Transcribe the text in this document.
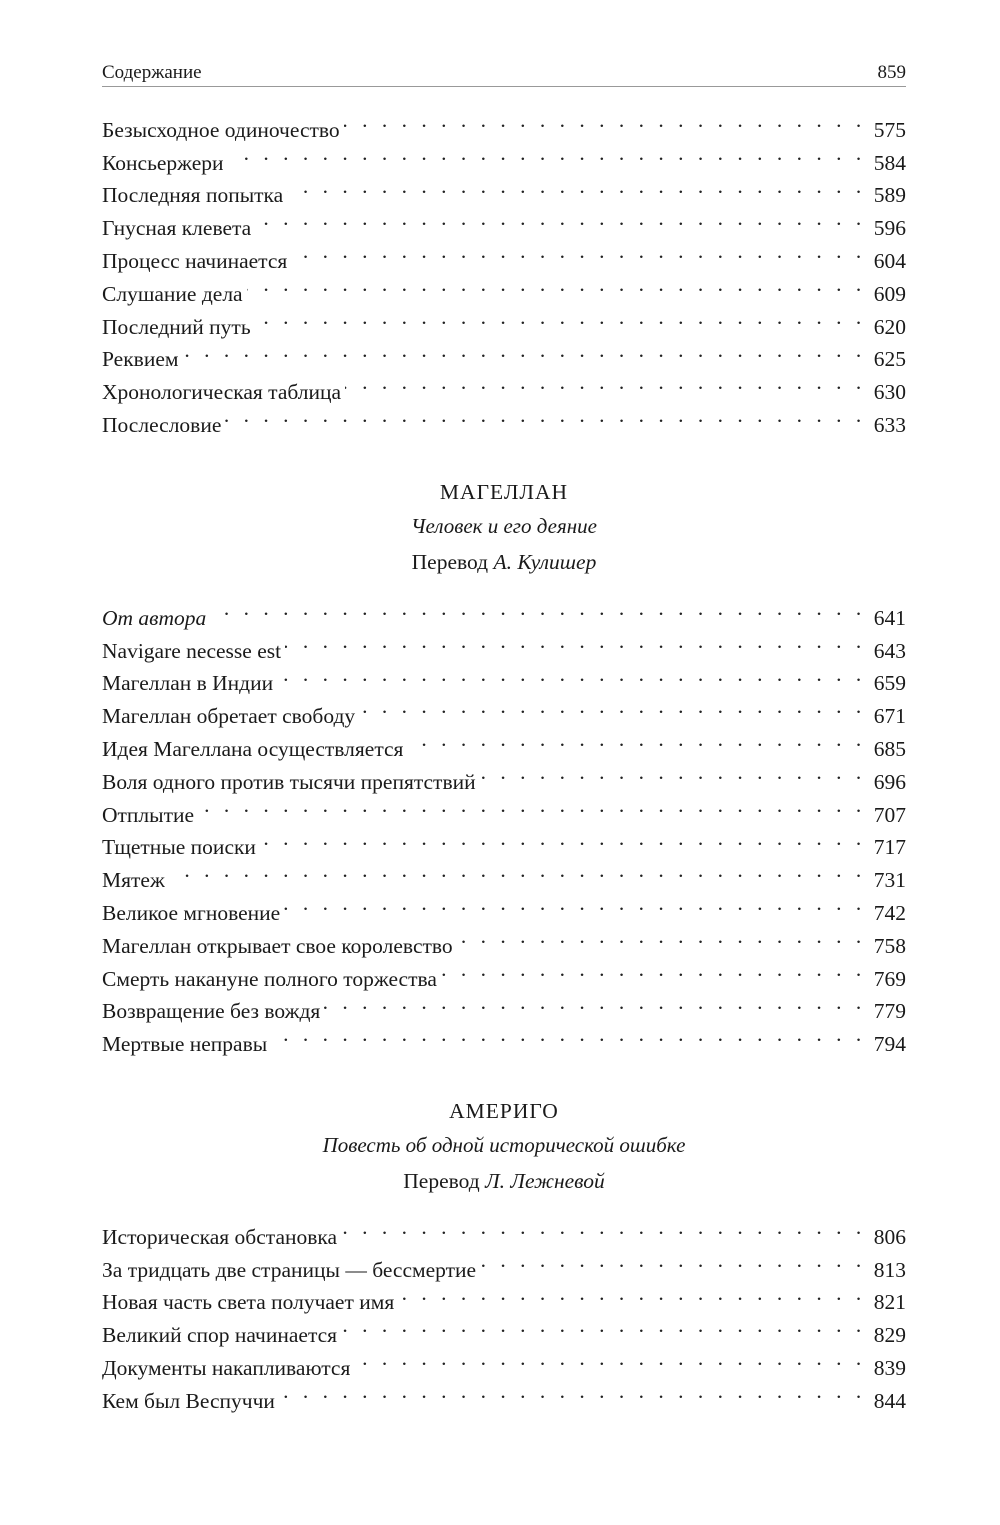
Содержание	859
Безысходное одиночество . . .	575
Консьержери . . .	584
Последняя попытка . . .	589
Гнусная клевета . . .	596
Процесс начинается . . .	604
Слушание дела . . .	609
Последний путь . . .	620
Реквием . . .	625
Хронологическая таблица . . .	630
Послесловие . . .	633
МАГЕЛЛАН
Человек и его деяние
Перевод А. Кулишер
От автора . . .	641
Navigare necesse est . . .	643
Магеллан в Индии . . .	659
Магеллан обретает свободу . . .	671
Идея Магеллана осуществляется . . .	685
Воля одного против тысячи препятствий . . .	696
Отплытие . . .	707
Тщетные поиски . . .	717
Мятеж . . .	731
Великое мгновение . . .	742
Магеллан открывает свое королевство . . .	758
Смерть накануне полного торжества . . .	769
Возвращение без вождя . . .	779
Мертвые неправы . . .	794
АМЕРИГО
Повесть об одной исторической ошибке
Перевод Л. Лежневой
Историческая обстановка . . .	806
За тридцать две страницы — бессмертие . . .	813
Новая часть света получает имя . . .	821
Великий спор начинается . . .	829
Документы накапливаются . . .	839
Кем был Веспуччи . . .	844
